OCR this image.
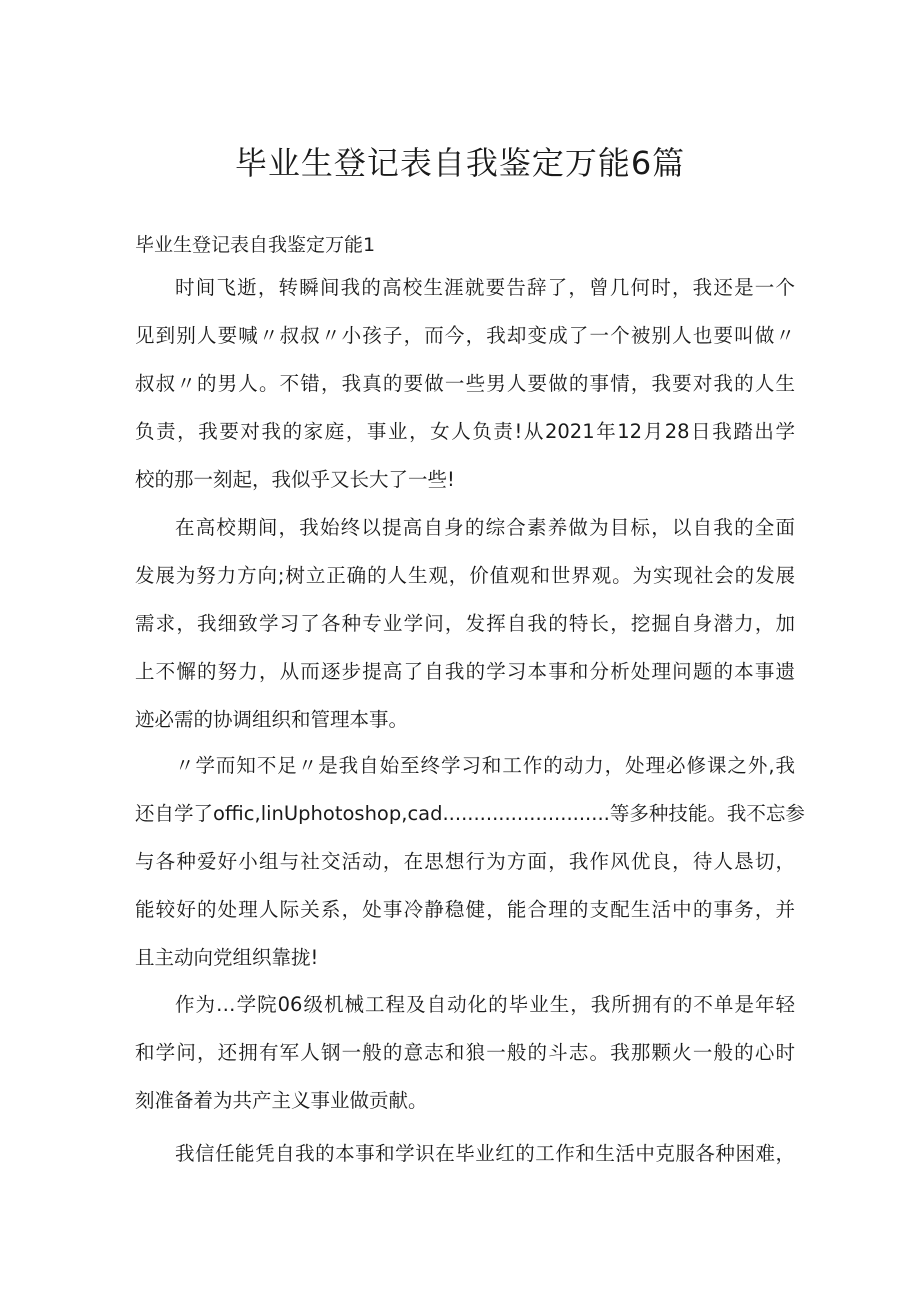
毕业生登记表自我鉴定万能6篇
毕业生登记表自我鉴定万能1
时间飞逝，转瞬间我的高校生涯就要告辞了，曾几何时，我还是一个
见到别人要喊〃叔叔〃小孩子，而今，我却变成了一个被别人也要叫做〃
叔叔〃的男人。不错，我真的要做一些男人要做的事情，我要对我的人生
负责，我要对我的家庭，事业，女人负责!从2021年12月28日我踏出学
校的那一刻起，我似乎又长大了一些!
在高校期间，我始终以提高自身的综合素养做为目标，以自我的全面
发展为努力方向;树立正确的人生观，价值观和世界观。为实现社会的发展
需求，我细致学习了各种专业学问，发挥自我的特长，挖掘自身潜力，加
上不懈的努力，从而逐步提高了自我的学习本事和分析处理问题的本事遗
迹必需的协调组织和管理本事。
〃学而知不足〃是我自始至终学习和工作的动力，处理必修课之外,我
还自学了offic,linUphotoshop,cad...........................等多种技能。我不忘参
与各种爱好小组与社交活动，在思想行为方面，我作风优良，待人恳切，
能较好的处理人际关系，处事冷静稳健，能合理的支配生活中的事务，并
且主动向党组织靠拢!
作为…学院06级机械工程及自动化的毕业生，我所拥有的不单是年轻
和学问，还拥有军人钢一般的意志和狼一般的斗志。我那颗火一般的心时
刻准备着为共产主义事业做贡献。
我信任能凭自我的本事和学识在毕业红的工作和生活中克服各种困难，
